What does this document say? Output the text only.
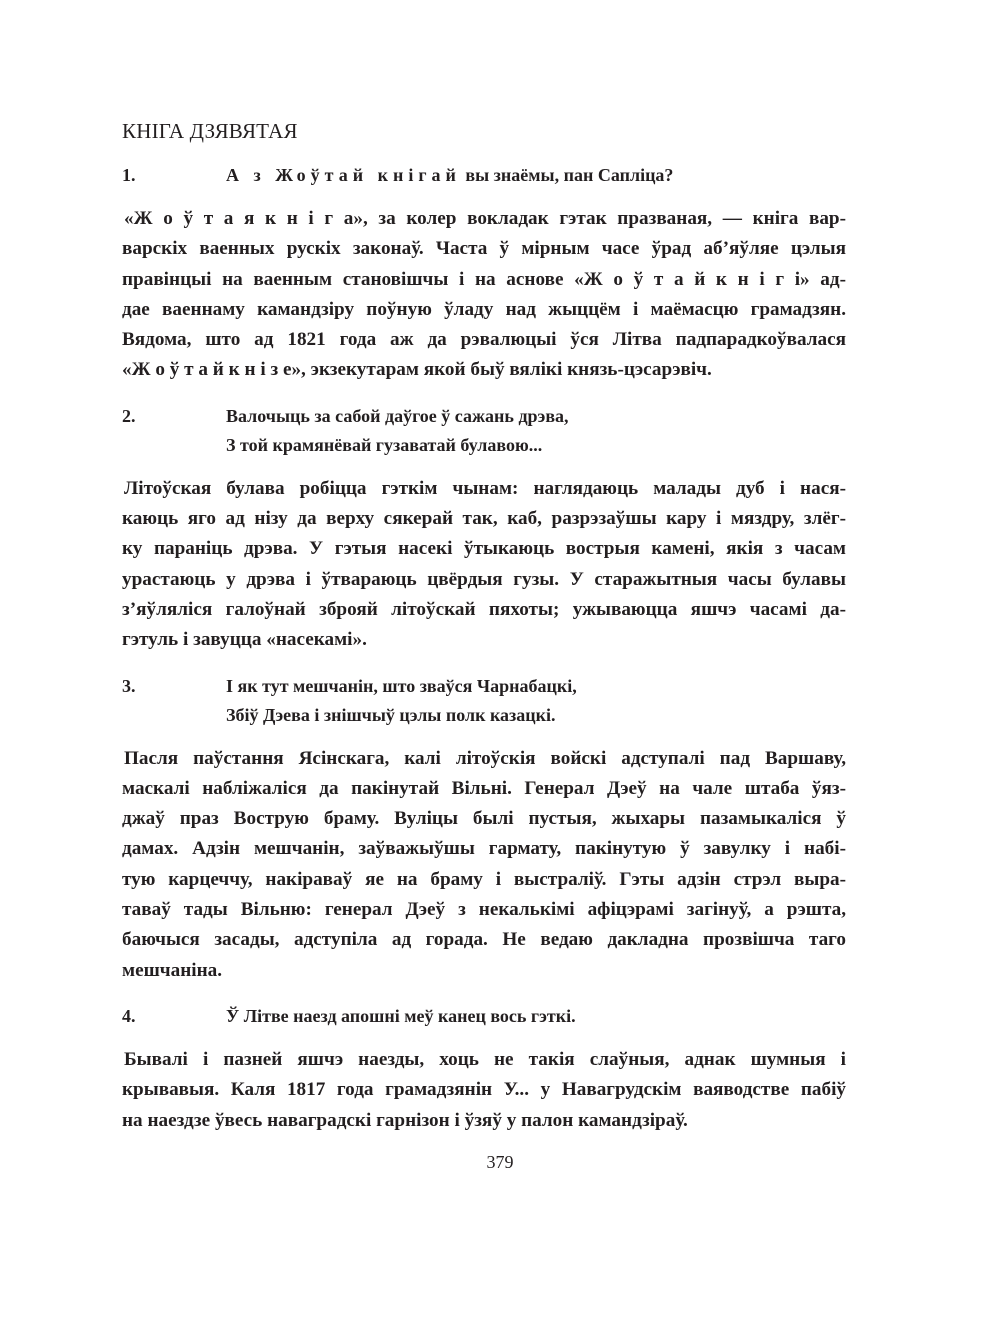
КНІГА ДЗЯВЯТАЯ
1.	А з Жоўтай кнігай вы знаёмы, пан Сапліца?
«Ж о ў т а я к н і г а», за колер вокладак гэтак празваная, — кніга вар-
варскіх ваенных рускіх законаў. Часта ў мірным часе ўрад аб’яўляе цэлыя
правінцыі на ваенным становішчы і на аснове «Ж о ў т а й к н і г і» ад-
дае ваеннаму камандзіру поўную ўладу над жыццём і маёмасцю грамадзян.
Вядома, што ад 1821 года аж да рэвалюцыі ўся Літва падпарадкоўвалася
«Ж о ў т а й к н і з е», экзекутарам якой быў вялікі князь-цэсарэвіч.
2.	Валочыць за сабой даўгое ў сажань дрэва,
З той крамянёвай гузаватай булавою...
Літоўская булава робіцца гэткім чынам: наглядаюць малады дуб і нася-
каюць яго ад нізу да верху сякерай так, каб, разрэзаўшы кару і мяздру, злёг-
ку параніць дрэва. У гэтыя насекі ўтыкаюць вострыя камені, якія з часам
урастаюць у дрэва і ўтвараюць цвёрдыя гузы. У старажытныя часы булавы
з’яўляліся галоўнай зброяй літоўскай пяхоты; ужываюцца яшчэ часамі да-
гэтуль і завуцца «насекамі».
3.	І як тут мешчанін, што зваўся Чарнабацкі,
Збіў Дэева і знішчыў цэлы полк казацкі.
Пасля паўстання Ясінскага, калі літоўскія войскі адступалі пад Варшаву,
маскалі набліжаліся да пакінутай Вільні. Генерал Дэеў на чале штаба ўяз-
джаў праз Вострую браму. Вуліцы былі пустыя, жыхары пазамыкаліся ў
дамах. Адзін мешчанін, заўважыўшы гармату, пакінутую ў завулку і набі-
тую карцеччу, накіраваў яе на браму і выстраліў. Гэты адзін стрэл выра-
таваў тады Вільню: генерал Дэеў з некалькімі афіцэрамі загінуў, а рэшта,
баючыся засады, адступіла ад горада. Не ведаю дакладна прозвішча таго
мешчаніна.
4.	Ў Літве наезд апошні меў канец вось гэткі.
Бывалі і пазней яшчэ наезды, хоць не такія слаўныя, аднак шумныя і
крывавыя. Каля 1817 года грамадзянін У... у Навагрудскім ваяводстве пабіў
на наездзе ўвесь наваградскі гарнізон і ўзяў у палон камандзіраў.
379
